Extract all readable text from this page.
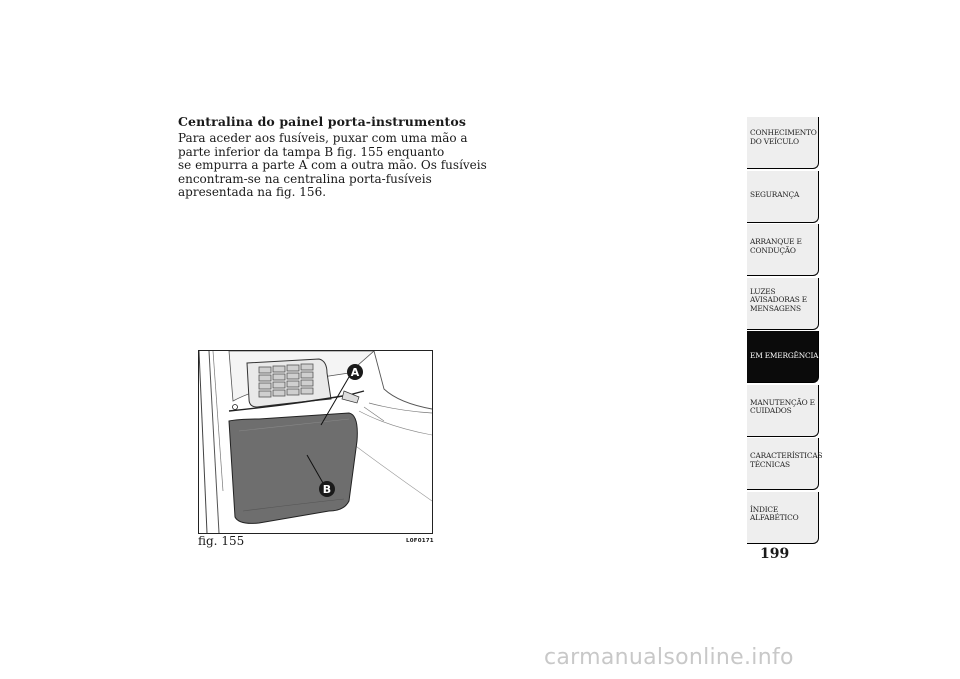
Centralina do painel porta-instrumentos
Para aceder aos fusíveis, puxar com uma mão a
parte inferior da tampa B fig. 155 enquanto
se empurra a parte A com a outra mão. Os fusíveis
encontram-se na centralina porta-fusíveis
apresentada na fig. 156.
A
B
fig. 155	L0F0171
CONHECIMENTO
DO VEÍCULO
SEGURANÇA
ARRANQUE E
CONDUÇÃO
LUZES
AVISADORAS E
MENSAGENS
EM EMERGÊNCIA
MANUTENÇÃO E
CUIDADOS
CARACTERÍSTICAS
TÉCNICAS
ÍNDICE
ALFABÉTICO
199
carmanualsonline.info
